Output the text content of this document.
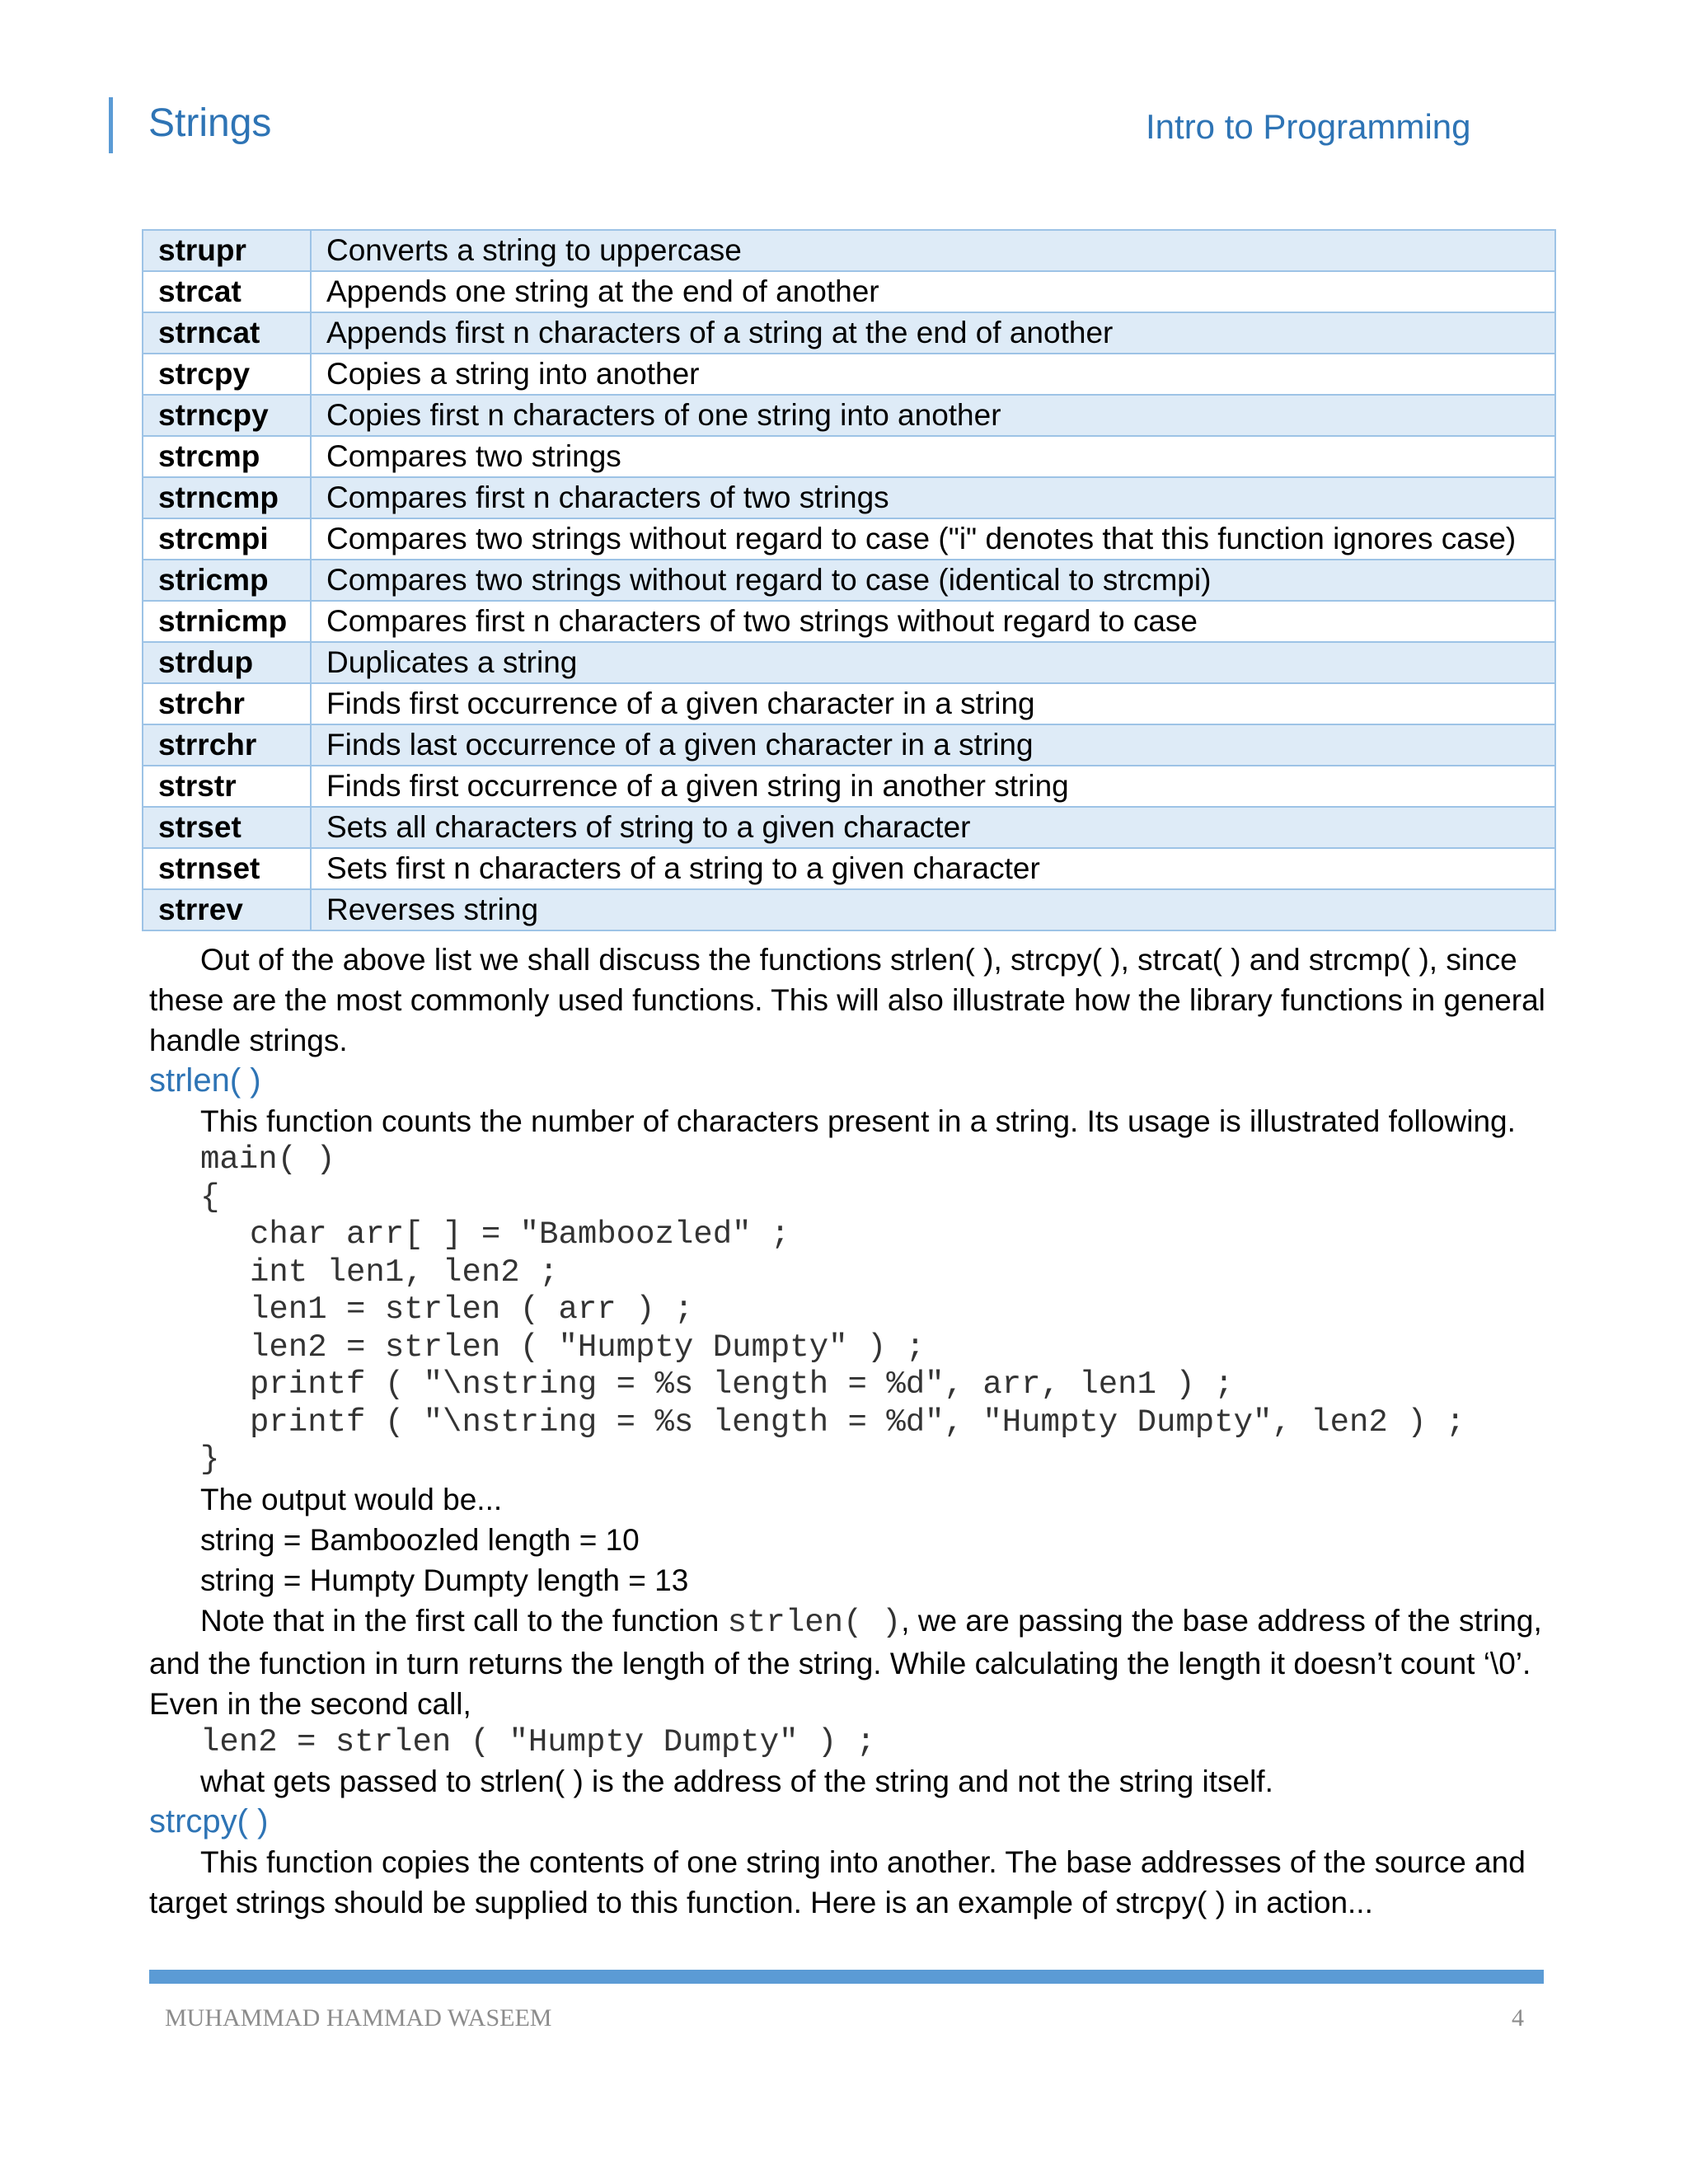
Strings	Intro to Programming
strupr	Converts a string to uppercase
strcat	Appends one string at the end of another
strncat	Appends first n characters of a string at the end of another
strcpy	Copies a string into another
strncpy	Copies first n characters of one string into another
strcmp	Compares two strings
strncmp	Compares first n characters of two strings
strcmpi	Compares two strings without regard to case ("i" denotes that this function ignores case)
stricmp	Compares two strings without regard to case (identical to strcmpi)
strnicmp	Compares first n characters of two strings without regard to case
strdup	Duplicates a string
strchr	Finds first occurrence of a given character in a string
strrchr	Finds last occurrence of a given character in a string
strstr	Finds first occurrence of a given string in another string
strset	Sets all characters of string to a given character
strnset	Sets first n characters of a string to a given character
strrev	Reverses string

Out of the above list we shall discuss the functions strlen( ), strcpy( ), strcat( ) and strcmp( ), since these are the most commonly used functions. This will also illustrate how the library functions in general handle strings.

strlen( )

This function counts the number of characters present in a string. Its usage is illustrated following.

main( )
{
char arr[ ] = "Bamboozled" ;
int len1, len2 ;
len1 = strlen ( arr ) ;
len2 = strlen ( "Humpty Dumpty" ) ;
printf ( "\nstring = %s length = %d", arr, len1 ) ;
printf ( "\nstring = %s length = %d", "Humpty Dumpty", len2 ) ;
}

The output would be...

string = Bamboozled length = 10

string = Humpty Dumpty length = 13

Note that in the first call to the function strlen( ), we are passing the base address of the string, and the function in turn returns the length of the string. While calculating the length it doesn’t count ‘\0’. Even in the second call,

len2 = strlen ( "Humpty Dumpty" ) ;

what gets passed to strlen( ) is the address of the string and not the string itself.

strcpy( )

This function copies the contents of one string into another. The base addresses of the source and target strings should be supplied to this function. Here is an example of strcpy( ) in action...

MUHAMMAD HAMMAD WASEEM	4
